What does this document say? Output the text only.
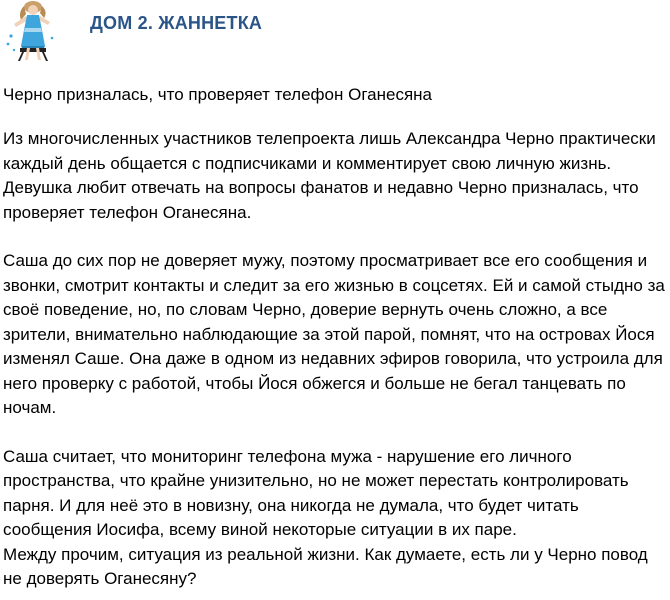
ДОМ 2. ЖАННЕТКА
Черно призналась, что проверяет телефон Оганесяна
Из многочисленных участников телепроекта лишь Александра Черно практически каждый день общается с подписчиками и комментирует свою личную жизнь. Девушка любит отвечать на вопросы фанатов и недавно Черно призналась, что проверяет телефон Оганесяна.
Саша до сих пор не доверяет мужу, поэтому просматривает все его сообщения и звонки, смотрит контакты и следит за его жизнью в соцсетях. Ей и самой стыдно за своё поведение, но, по словам Черно, доверие вернуть очень сложно, а все зрители, внимательно наблюдающие за этой парой, помнят, что на островах Йося изменял Саше. Она даже в одном из недавних эфиров говорила, что устроила для него проверку с работой, чтобы Йося обжегся и больше не бегал танцевать по ночам.
Саша считает, что мониторинг телефона мужа - нарушение его личного пространства, что крайне унизительно, но не может перестать контролировать парня. И для неё это в новизну, она никогда не думала, что будет читать сообщения Иосифа, всему виной некоторые ситуации в их паре.
Между прочим, ситуация из реальной жизни. Как думаете, есть ли у Черно повод не доверять Оганесяну?
